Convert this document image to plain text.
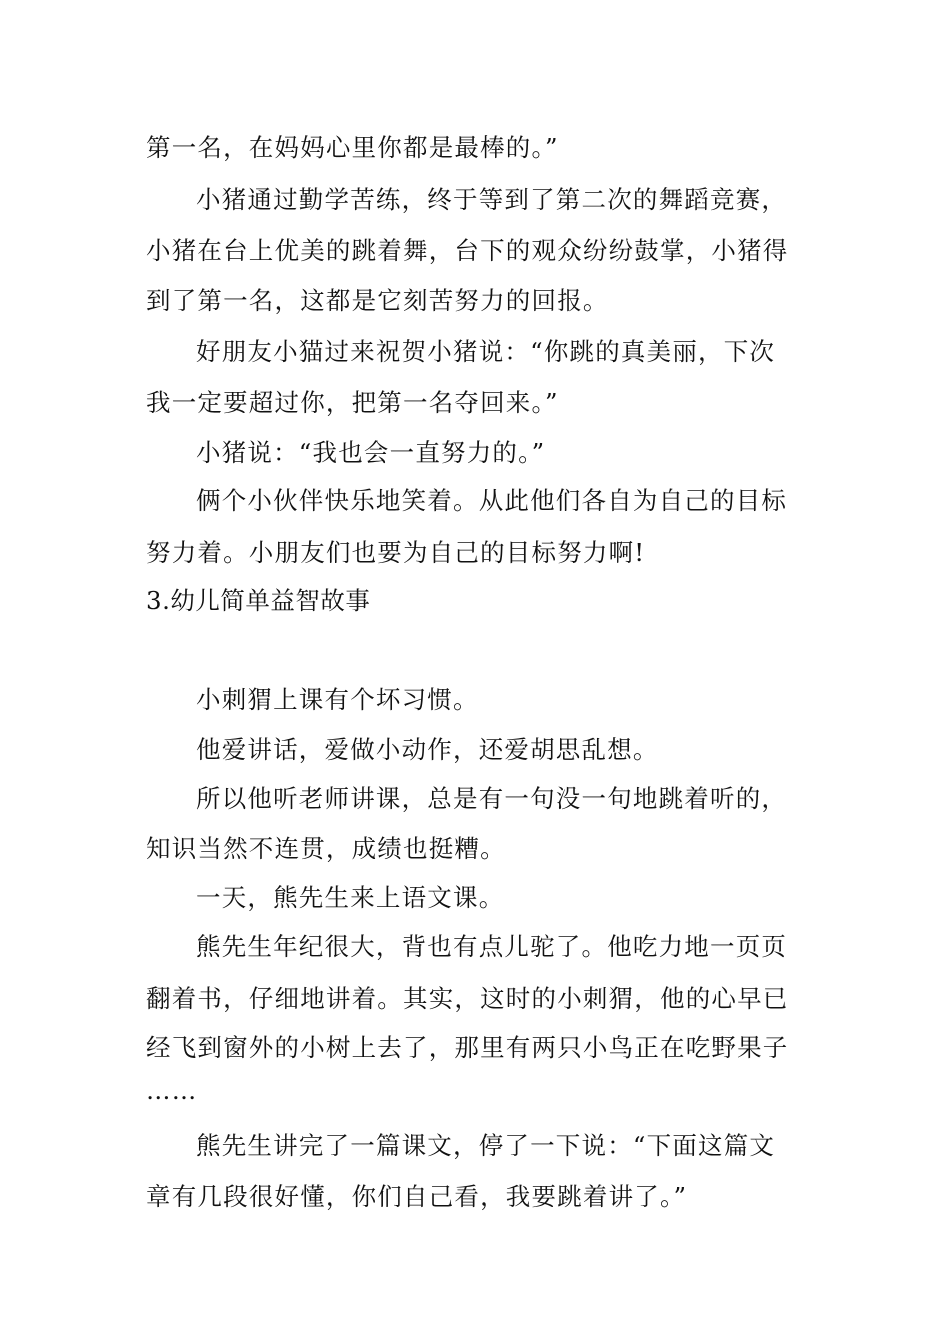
第一名，在妈妈心里你都是最棒的。”
小猪通过勤学苦练，终于等到了第二次的舞蹈竞赛，
小猪在台上优美的跳着舞，台下的观众纷纷鼓掌，小猪得
到了第一名，这都是它刻苦努力的回报。
好朋友小猫过来祝贺小猪说：“你跳的真美丽，下次
我一定要超过你，把第一名夺回来。”
小猪说：“我也会一直努力的。”
俩个小伙伴快乐地笑着。从此他们各自为自己的目标
努力着。小朋友们也要为自己的目标努力啊!
3.幼儿简单益智故事
小刺猬上课有个坏习惯。
他爱讲话，爱做小动作，还爱胡思乱想。
所以他听老师讲课，总是有一句没一句地跳着听的，
知识当然不连贯，成绩也挺糟。
一天，熊先生来上语文课。
熊先生年纪很大，背也有点儿驼了。他吃力地一页页
翻着书，仔细地讲着。其实，这时的小刺猬，他的心早已
经飞到窗外的小树上去了，那里有两只小鸟正在吃野果子
……
熊先生讲完了一篇课文，停了一下说：“下面这篇文
章有几段很好懂，你们自己看，我要跳着讲了。”
